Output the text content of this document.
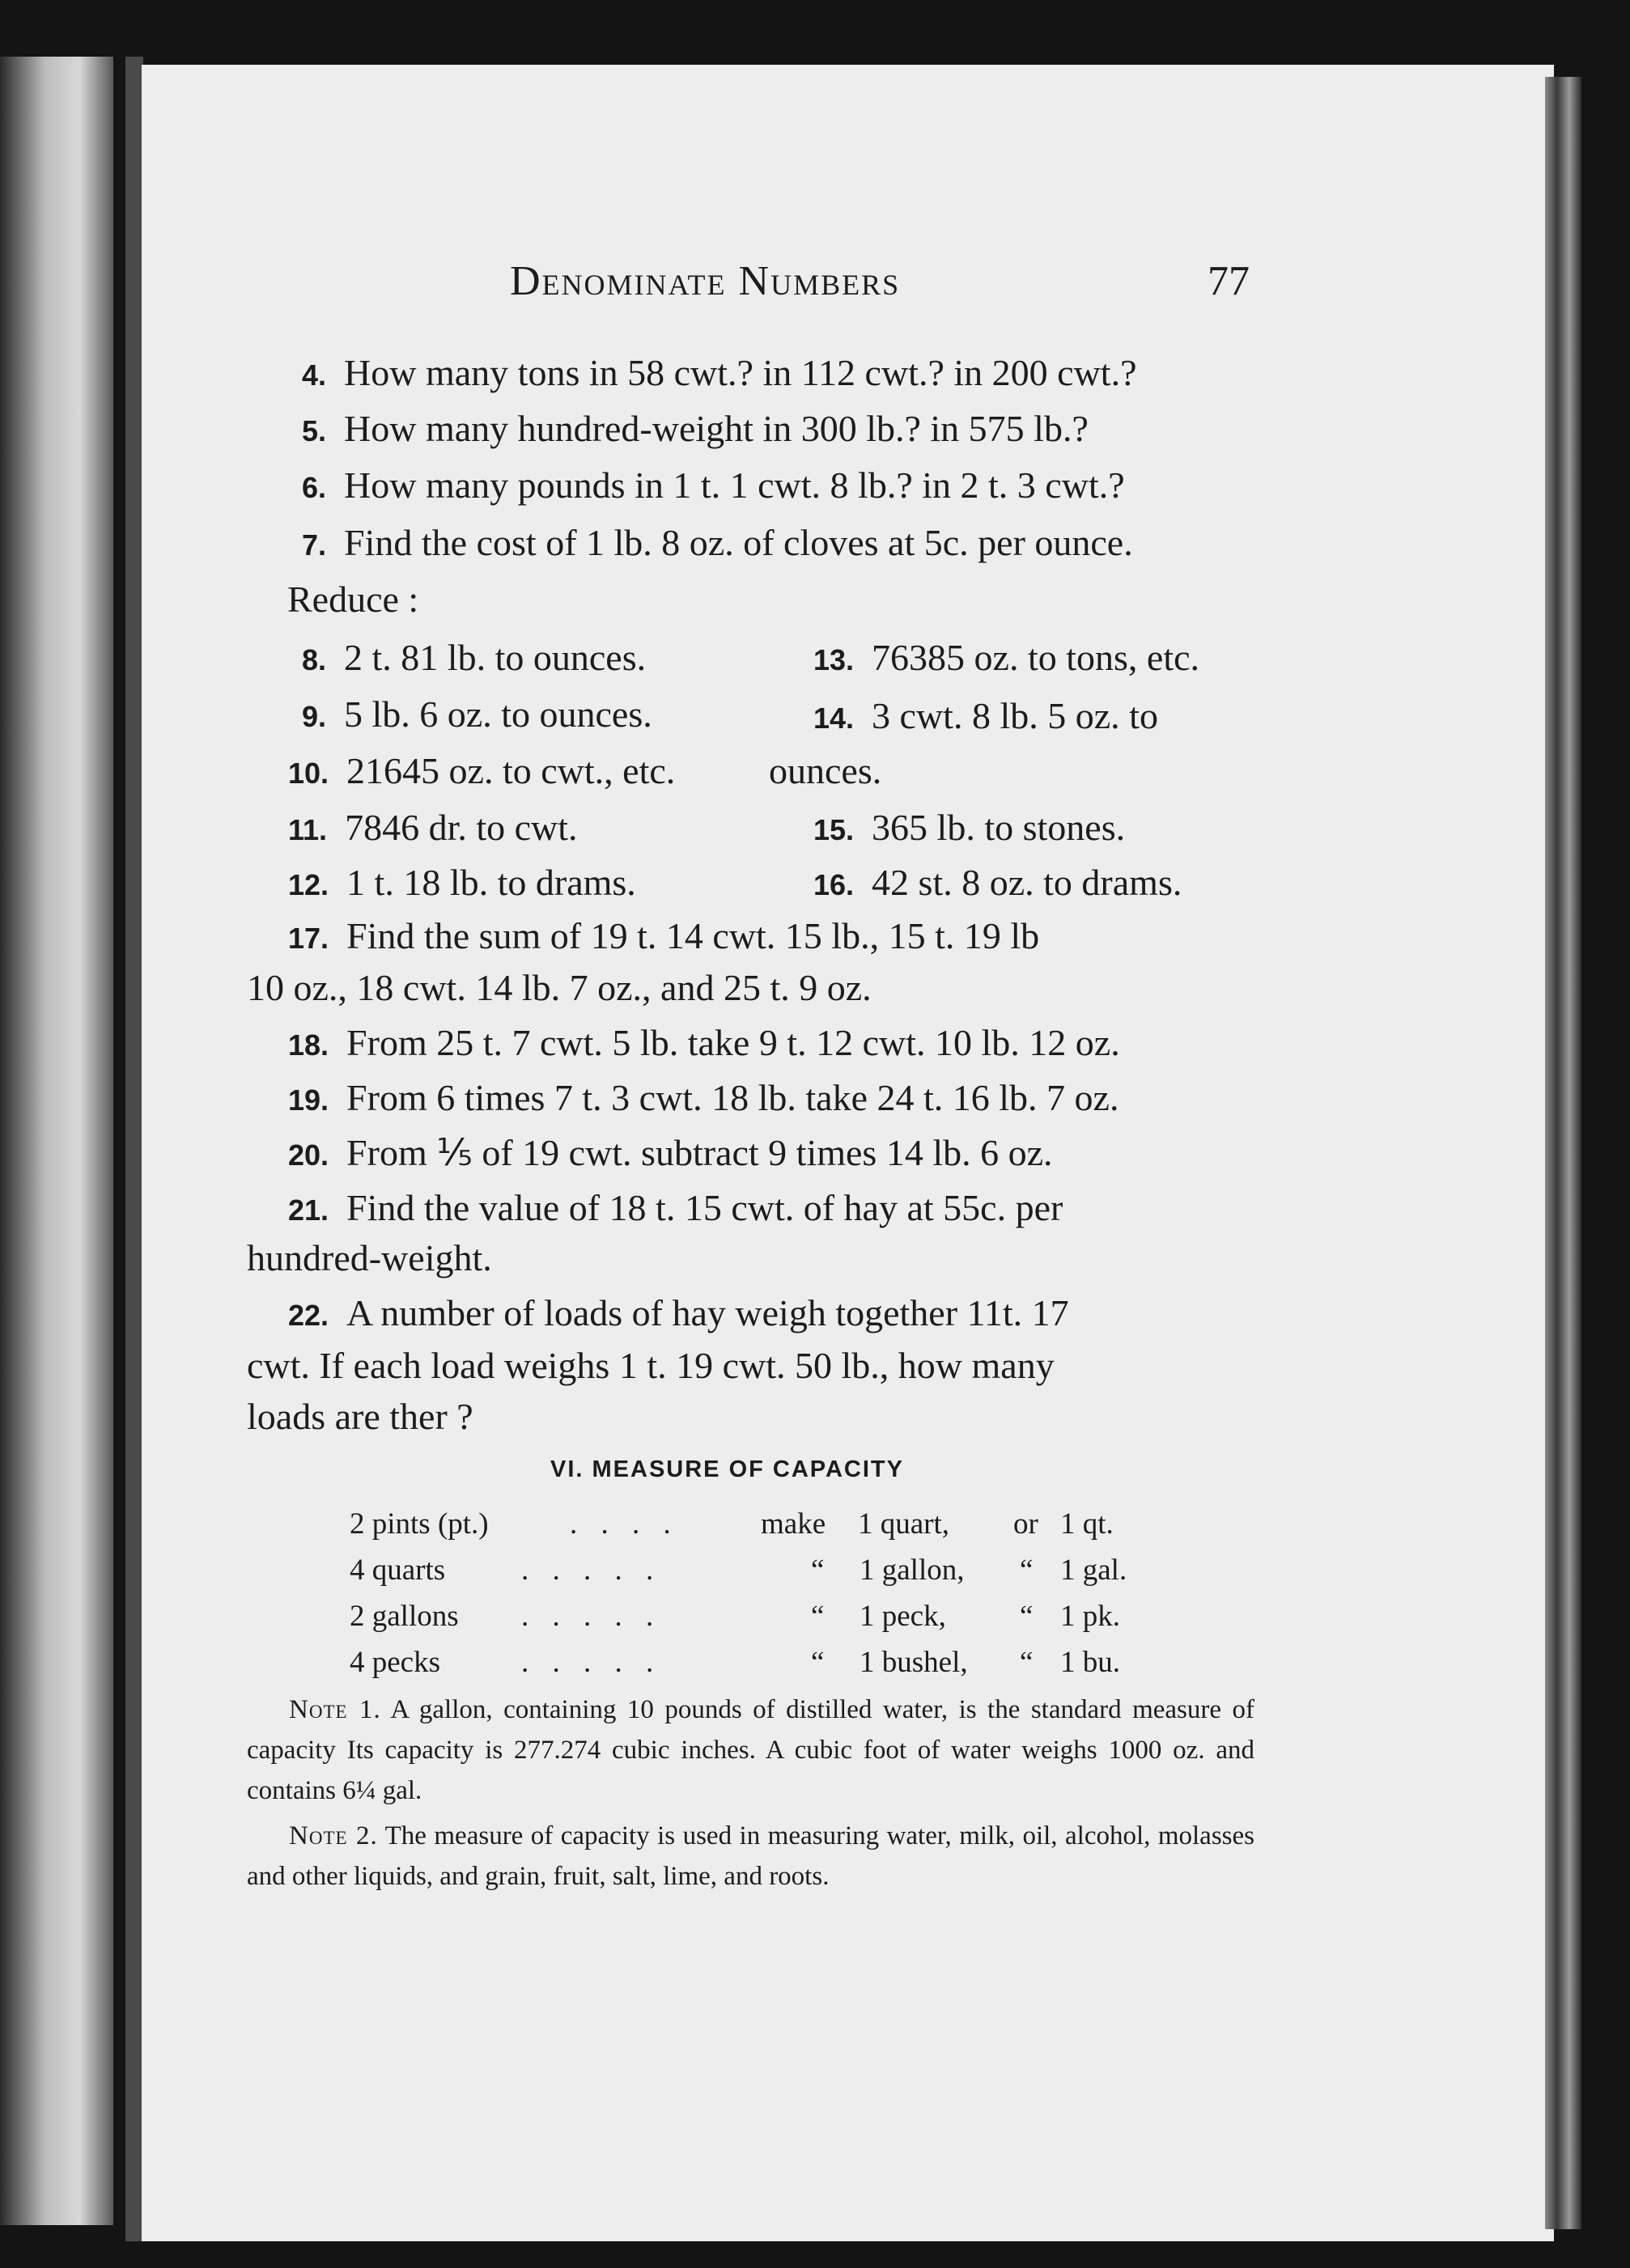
Denominate Numbers	77
4. How many tons in 58 cwt.? in 112 cwt.? in 200 cwt.?
5. How many hundred-weight in 300 lb.? in 575 lb.?
6. How many pounds in 1 t. 1 cwt. 8 lb.? in 2 t. 3 cwt.?
7. Find the cost of 1 lb. 8 oz. of cloves at 5c. per ounce.
Reduce :
8. 2 t. 81 lb. to ounces.
9. 5 lb. 6 oz. to ounces.
10. 21645 oz. to cwt., etc.
11. 7846 dr. to cwt.
12. 1 t. 18 lb. to drams.
13. 76385 oz. to tons, etc.
14. 3 cwt. 8 lb. 5 oz. to
ounces.
15. 365 lb. to stones.
16. 42 st. 8 oz. to drams.
17. Find the sum of 19 t. 14 cwt. 15 lb., 15 t. 19 lb
10 oz., 18 cwt. 14 lb. 7 oz., and 25 t. 9 oz.
18. From 25 t. 7 cwt. 5 lb. take 9 t. 12 cwt. 10 lb. 12 oz.
19. From 6 times 7 t. 3 cwt. 18 lb. take 24 t. 16 lb. 7 oz.
20. From ⅕ of 19 cwt. subtract 9 times 14 lb. 6 oz.
21. Find the value of 18 t. 15 cwt. of hay at 55c. per
hundred-weight.
22. A number of loads of hay weigh together 11t. 17
cwt. If each load weighs 1 t. 19 cwt. 50 lb., how many
loads are ther ?
VI. MEASURE OF CAPACITY
2 pints (pt.)	. . . .	make 1 quart, or 1 qt.
4 quarts	. . . . .	“ 1 gallon, “ 1 gal.
2 gallons . . . . .	“ 1 peck, “ 1 pk.
4 pecks	. . . . .	“ 1 bushel, “ 1 bu.
Note 1. A gallon, containing 10 pounds of distilled water, is the standard measure of capacity Its capacity is 277.274 cubic inches. A cubic foot of water weighs 1000 oz. and contains 6¼ gal.
Note 2. The measure of capacity is used in measuring water, milk, oil, alcohol, molasses and other liquids, and grain, fruit, salt, lime, and roots.
